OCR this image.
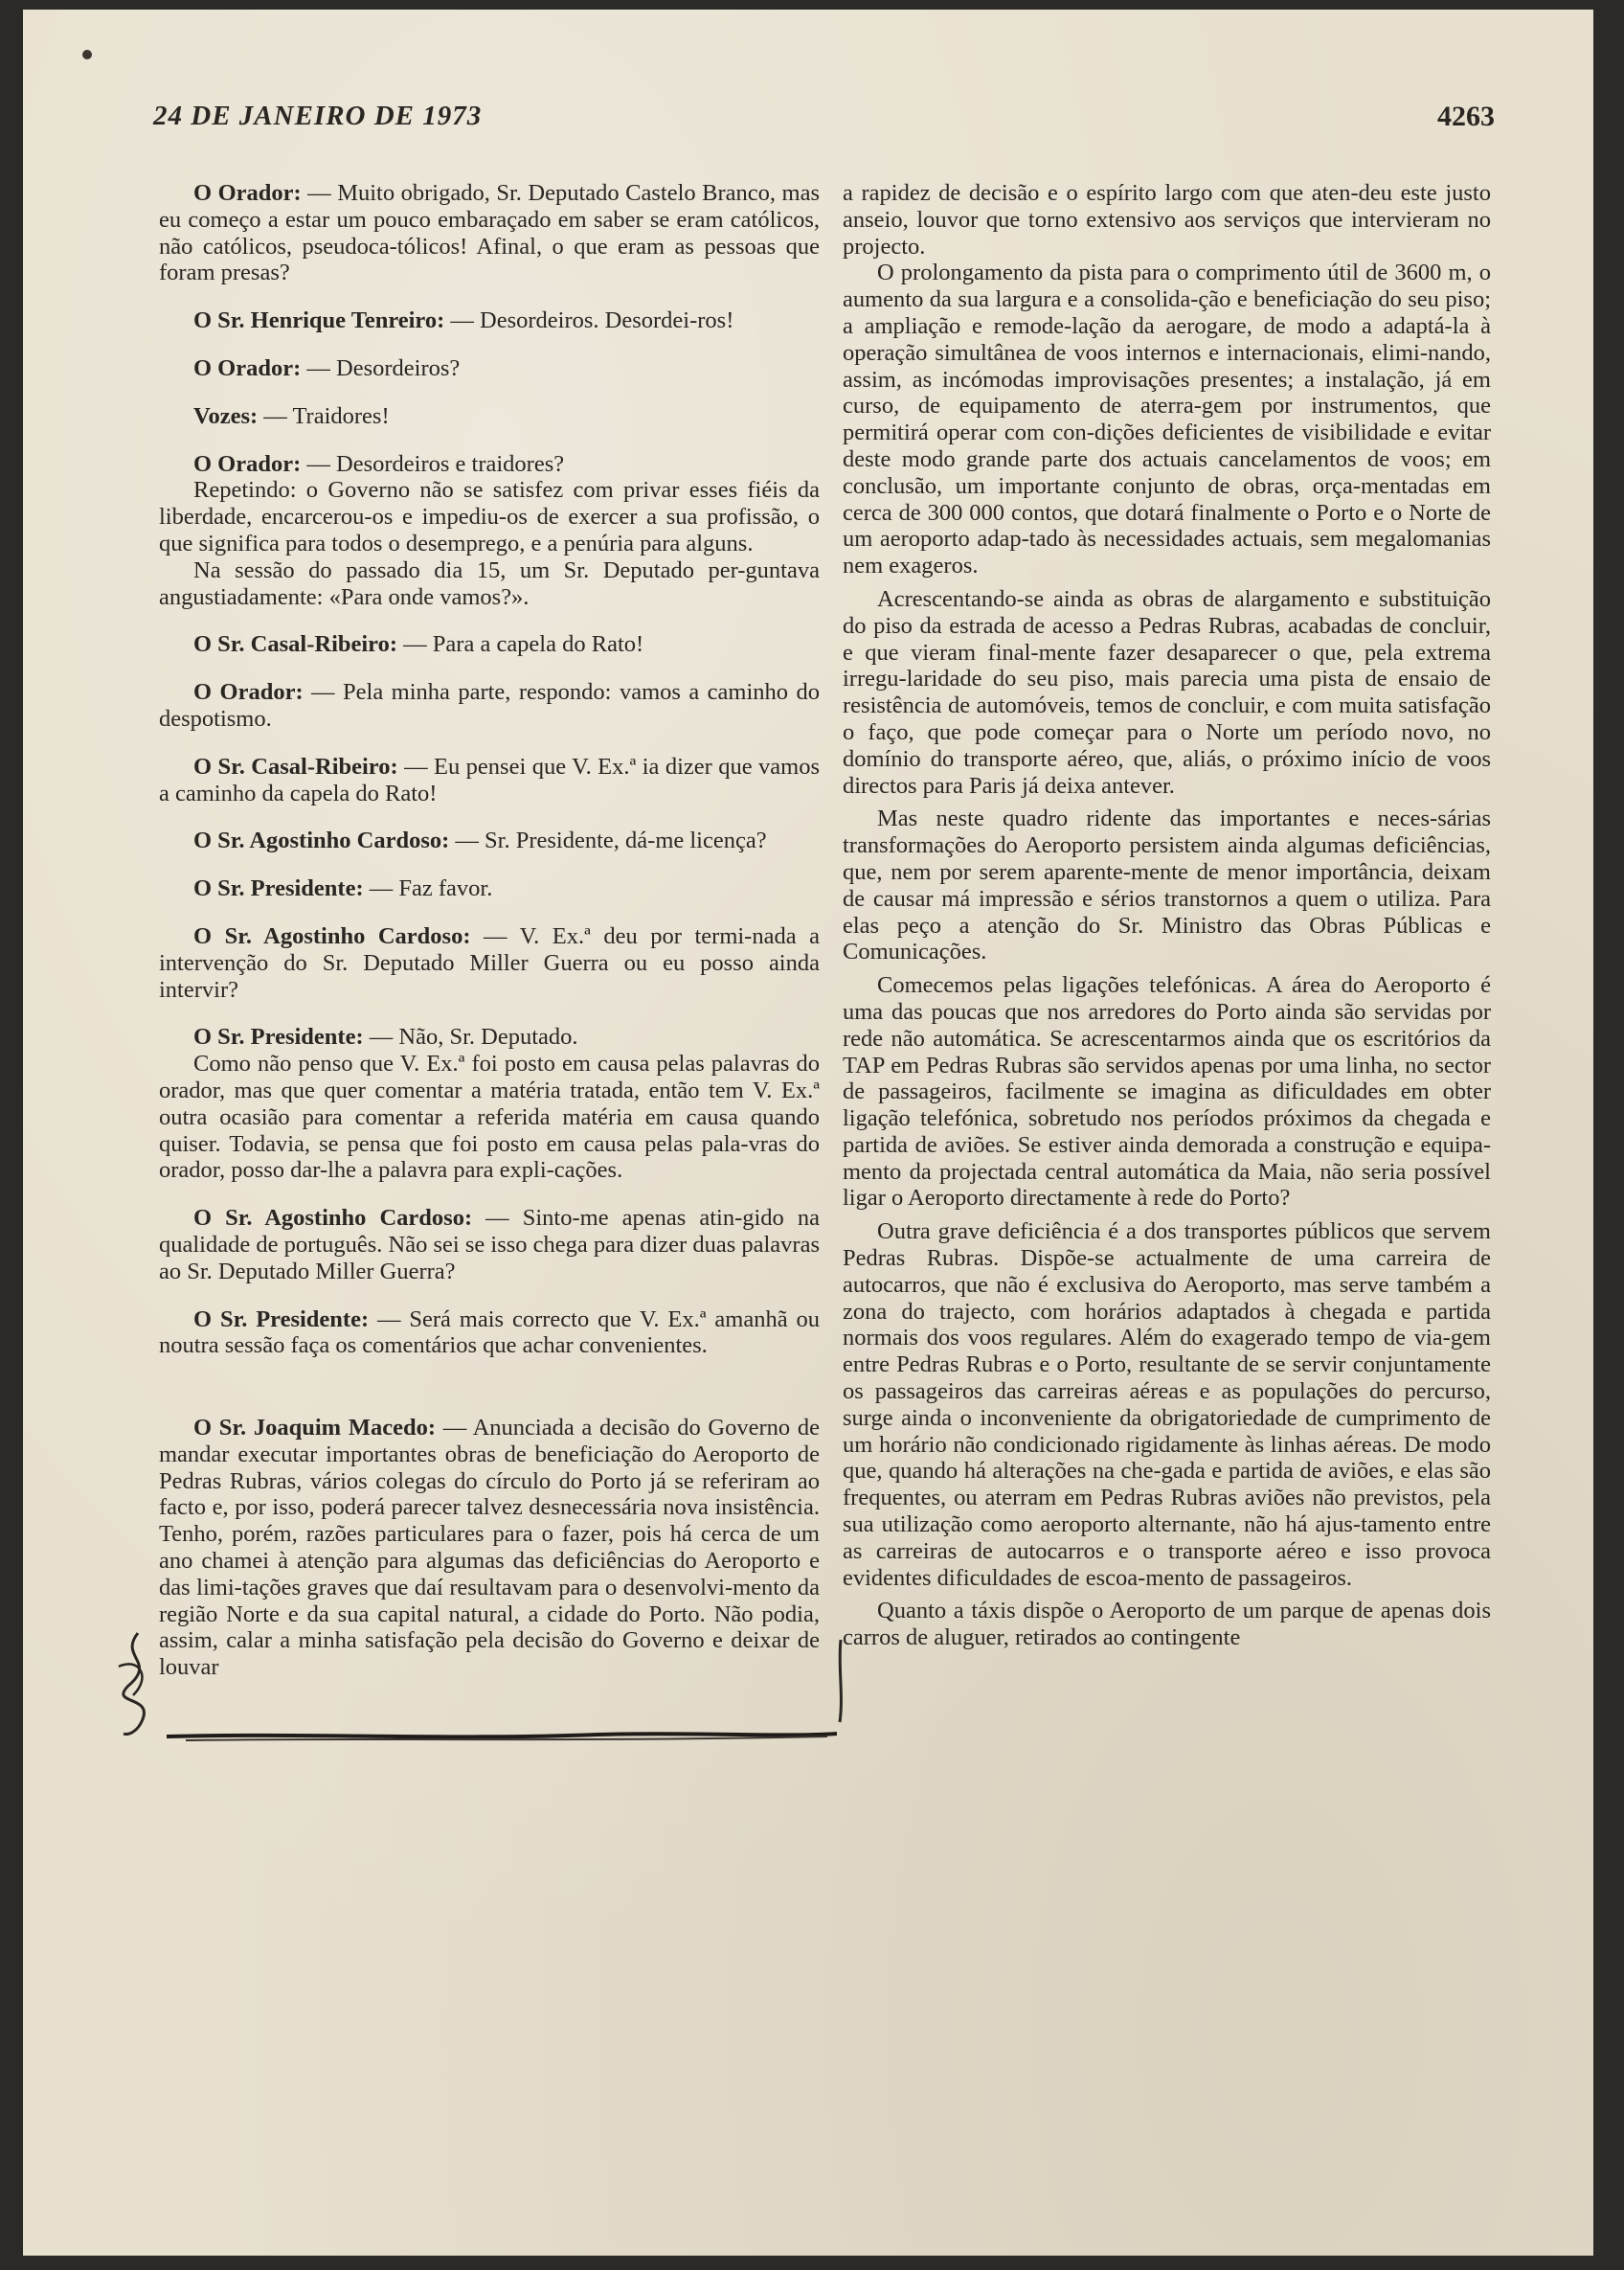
24 DE JANEIRO DE 1973	4263

O Orador: — Muito obrigado, Sr. Deputado Castelo Branco, mas eu começo a estar um pouco embaraçado em saber se eram católicos, não católicos, pseudoca-tólicos! Afinal, o que eram as pessoas que foram presas?

O Sr. Henrique Tenreiro: — Desordeiros. Desordei-ros!

O Orador: — Desordeiros?

Vozes: — Traidores!

O Orador: — Desordeiros e traidores?

Repetindo: o Governo não se satisfez com privar esses fiéis da liberdade, encarcerou-os e impediu-os de exercer a sua profissão, o que significa para todos o desemprego, e a penúria para alguns.

Na sessão do passado dia 15, um Sr. Deputado per-guntava angustiadamente: «Para onde vamos?».

O Sr. Casal-Ribeiro: — Para a capela do Rato!

O Orador: — Pela minha parte, respondo: vamos a caminho do despotismo.

O Sr. Casal-Ribeiro: — Eu pensei que V. Ex.ª ia dizer que vamos a caminho da capela do Rato!

O Sr. Agostinho Cardoso: — Sr. Presidente, dá-me licença?

O Sr. Presidente: — Faz favor.

O Sr. Agostinho Cardoso: — V. Ex.ª deu por termi-nada a intervenção do Sr. Deputado Miller Guerra ou eu posso ainda intervir?

O Sr. Presidente: — Não, Sr. Deputado.

Como não penso que V. Ex.ª foi posto em causa pelas palavras do orador, mas que quer comentar a matéria tratada, então tem V. Ex.ª outra ocasião para comentar a referida matéria em causa quando quiser. Todavia, se pensa que foi posto em causa pelas pala-vras do orador, posso dar-lhe a palavra para expli-cações.

O Sr. Agostinho Cardoso: — Sinto-me apenas atin-gido na qualidade de português. Não sei se isso chega para dizer duas palavras ao Sr. Deputado Miller Guerra?

O Sr. Presidente: — Será mais correcto que V. Ex.ª amanhã ou noutra sessão faça os comentários que achar convenientes.

O Sr. Joaquim Macedo: — Anunciada a decisão do Governo de mandar executar importantes obras de beneficiação do Aeroporto de Pedras Rubras, vários colegas do círculo do Porto já se referiram ao facto e, por isso, poderá parecer talvez desnecessária nova insistência. Tenho, porém, razões particulares para o fazer, pois há cerca de um ano chamei à atenção para algumas das deficiências do Aeroporto e das limi-tações graves que daí resultavam para o desenvolvi-mento da região Norte e da sua capital natural, a cidade do Porto. Não podia, assim, calar a minha satisfação pela decisão do Governo e deixar de louvar

a rapidez de decisão e o espírito largo com que aten-deu este justo anseio, louvor que torno extensivo aos serviços que intervieram no projecto.

O prolongamento da pista para o comprimento útil de 3600 m, o aumento da sua largura e a consolida-ção e beneficiação do seu piso; a ampliação e remode-lação da aerogare, de modo a adaptá-la à operação simultânea de voos internos e internacionais, elimi-nando, assim, as incómodas improvisações presentes; a instalação, já em curso, de equipamento de aterra-gem por instrumentos, que permitirá operar com con-dições deficientes de visibilidade e evitar deste modo grande parte dos actuais cancelamentos de voos; em conclusão, um importante conjunto de obras, orça-mentadas em cerca de 300 000 contos, que dotará finalmente o Porto e o Norte de um aeroporto adap-tado às necessidades actuais, sem megalomanias nem exageros.

Acrescentando-se ainda as obras de alargamento e substituição do piso da estrada de acesso a Pedras Rubras, acabadas de concluir, e que vieram final-mente fazer desaparecer o que, pela extrema irregu-laridade do seu piso, mais parecia uma pista de ensaio de resistência de automóveis, temos de concluir, e com muita satisfação o faço, que pode começar para o Norte um período novo, no domínio do transporte aéreo, que, aliás, o próximo início de voos directos para Paris já deixa antever.

Mas neste quadro ridente das importantes e neces-sárias transformações do Aeroporto persistem ainda algumas deficiências, que, nem por serem aparente-mente de menor importância, deixam de causar má impressão e sérios transtornos a quem o utiliza. Para elas peço a atenção do Sr. Ministro das Obras Públicas e Comunicações.

Comecemos pelas ligações telefónicas. A área do Aeroporto é uma das poucas que nos arredores do Porto ainda são servidas por rede não automática. Se acrescentarmos ainda que os escritórios da TAP em Pedras Rubras são servidos apenas por uma linha, no sector de passageiros, facilmente se imagina as dificuldades em obter ligação telefónica, sobretudo nos períodos próximos da chegada e partida de aviões. Se estiver ainda demorada a construção e equipa-mento da projectada central automática da Maia, não seria possível ligar o Aeroporto directamente à rede do Porto?

Outra grave deficiência é a dos transportes públicos que servem Pedras Rubras. Dispõe-se actualmente de uma carreira de autocarros, que não é exclusiva do Aeroporto, mas serve também a zona do trajecto, com horários adaptados à chegada e partida normais dos voos regulares. Além do exagerado tempo de via-gem entre Pedras Rubras e o Porto, resultante de se servir conjuntamente os passageiros das carreiras aéreas e as populações do percurso, surge ainda o inconveniente da obrigatoriedade de cumprimento de um horário não condicionado rigidamente às linhas aéreas. De modo que, quando há alterações na che-gada e partida de aviões, e elas são frequentes, ou aterram em Pedras Rubras aviões não previstos, pela sua utilização como aeroporto alternante, não há ajus-tamento entre as carreiras de autocarros e o transporte aéreo e isso provoca evidentes dificuldades de escoa-mento de passageiros.

Quanto a táxis dispõe o Aeroporto de um parque de apenas dois carros de aluguer, retirados ao contingente
